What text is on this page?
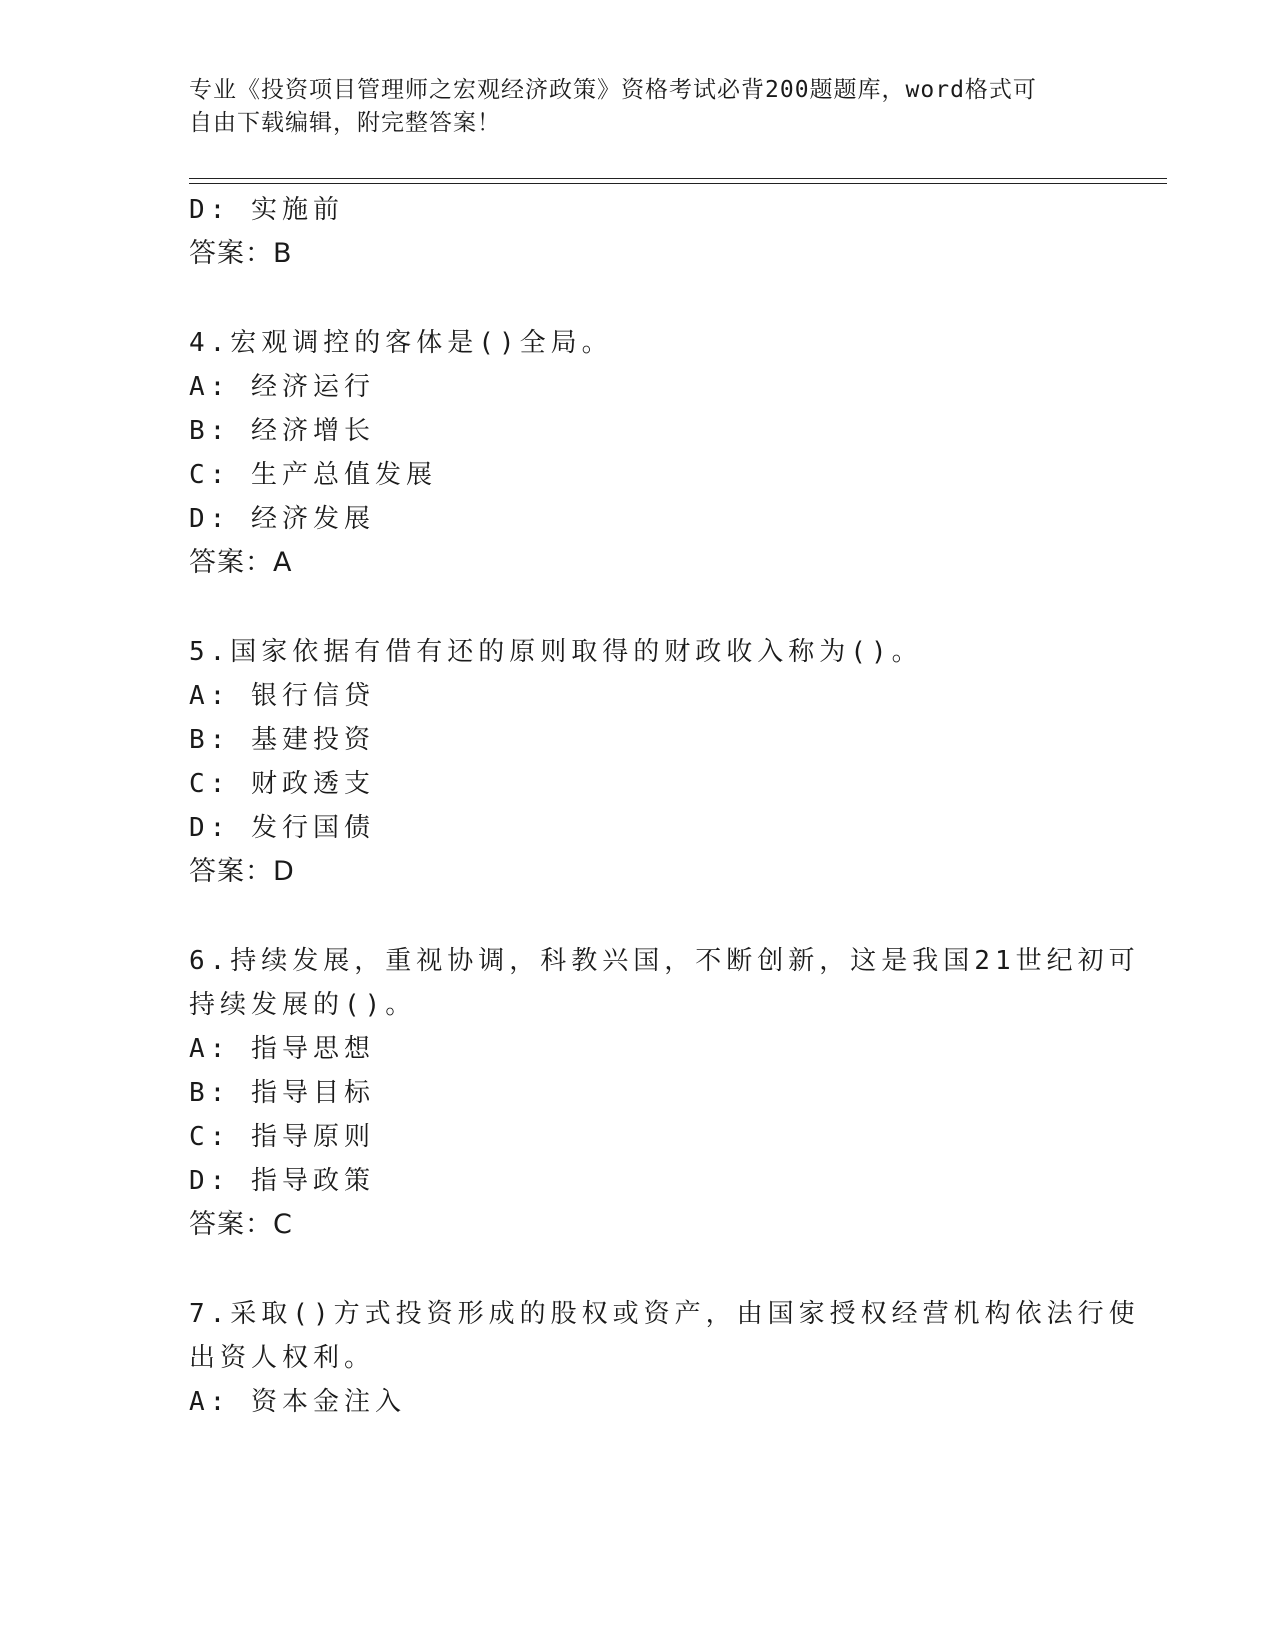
专业《投资项目管理师之宏观经济政策》资格考试必背200题题库，word格式可
自由下载编辑，附完整答案！
D: 实施前
答案：B
4.宏观调控的客体是()全局。
A: 经济运行
B: 经济增长
C: 生产总值发展
D: 经济发展
答案：A
5.国家依据有借有还的原则取得的财政收入称为()。
A: 银行信贷
B: 基建投资
C: 财政透支
D: 发行国债
答案：D
6.持续发展，重视协调，科教兴国，不断创新，这是我国21世纪初可
持续发展的()。
A: 指导思想
B: 指导目标
C: 指导原则
D: 指导政策
答案：C
7.采取()方式投资形成的股权或资产，由国家授权经营机构依法行使
出资人权利。
A: 资本金注入
